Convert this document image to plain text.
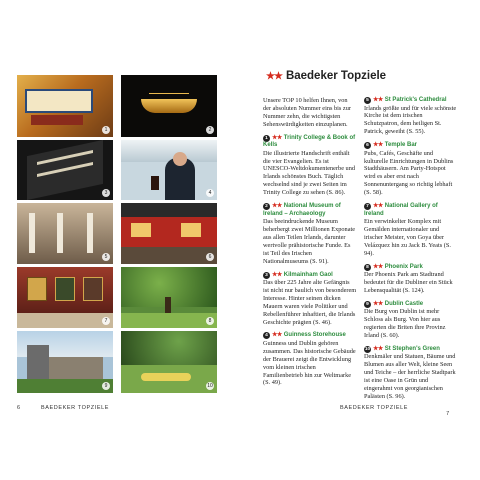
1	2
3	4
5	6
7	8
9	10
6	BAEDEKER TOPZIELE
★★ Baedeker Topziele

Unsere TOP 10 helfen Ihnen, von der absoluten Nummer eins bis zur Nummer zehn, die wichtigsten Sehenswürdigkeiten einzuplanen.

1 ★★ Trinity College & Book of Kells

Die illustrierte Handschrift enthält die vier Evangelien. Es ist UNESCO-Weltdokumentenerbe und Irlands schönstes Buch. Täglich wechselnd sind je zwei Seiten im Trinity College zu sehen (S. 86).

2 ★★ National Museum of Ireland – Archaeology

Das beeindruckende Museum beherbergt zwei Millionen Exponate aus allen Teilen Irlands, darunter wertvolle prähistorische Funde. Es ist Teil des Irischen Nationalmuseums (S. 91).

3 ★★ Kilmainham Gaol

Das über 225 Jahre alte Gefängnis ist nicht nur baulich von besonderem Interesse. Hinter seinen dicken Mauern waren viele Politiker und Rebellenführer inhaftiert, die Irlands Geschichte prägten (S. 46).

4 ★★ Guinness Storehouse

Guinness und Dublin gehören zusammen. Das historische Gebäude der Brauerei zeigt die Entwicklung vom kleinen irischen Familienbetrieb hin zur Weltmarke (S. 49).

5 ★★ St Patrick's Cathedral

Irlands größte und für viele schönste Kirche ist dem irischen Schutzpatron, dem heiligen St. Patrick, geweiht (S. 55).

6 ★★ Temple Bar

Pubs, Cafés, Geschäfte und kulturelle Einrichtungen in Dublins Stadthäusern. Am Party-Hotspot wird es aber erst nach Sonnenuntergang so richtig lebhaft (S. 58).

7 ★★ National Gallery of Ireland

Ein verwinkelter Komplex mit Gemälden internationaler und irischer Meister, von Goya über Velázquez hin zu Jack B. Yeats (S. 94).

8 ★★ Phoenix Park

Der Phoenix Park am Stadtrand bedeutet für die Dubliner ein Stück Lebensqualität (S. 124).

9 ★★ Dublin Castle

Die Burg von Dublin ist mehr Schloss als Burg. Von hier aus regierten die Briten ihre Provinz Irland (S. 60).

10 ★★ St Stephen's Green

Denkmäler und Statuen, Bäume und Blumen aus aller Welt, kleine Seen und Teiche – der herrliche Stadtpark ist eine Oase in Grün und eingerahmt von georgianischen Palästen (S. 96).

BAEDEKER TOPZIELE  7
